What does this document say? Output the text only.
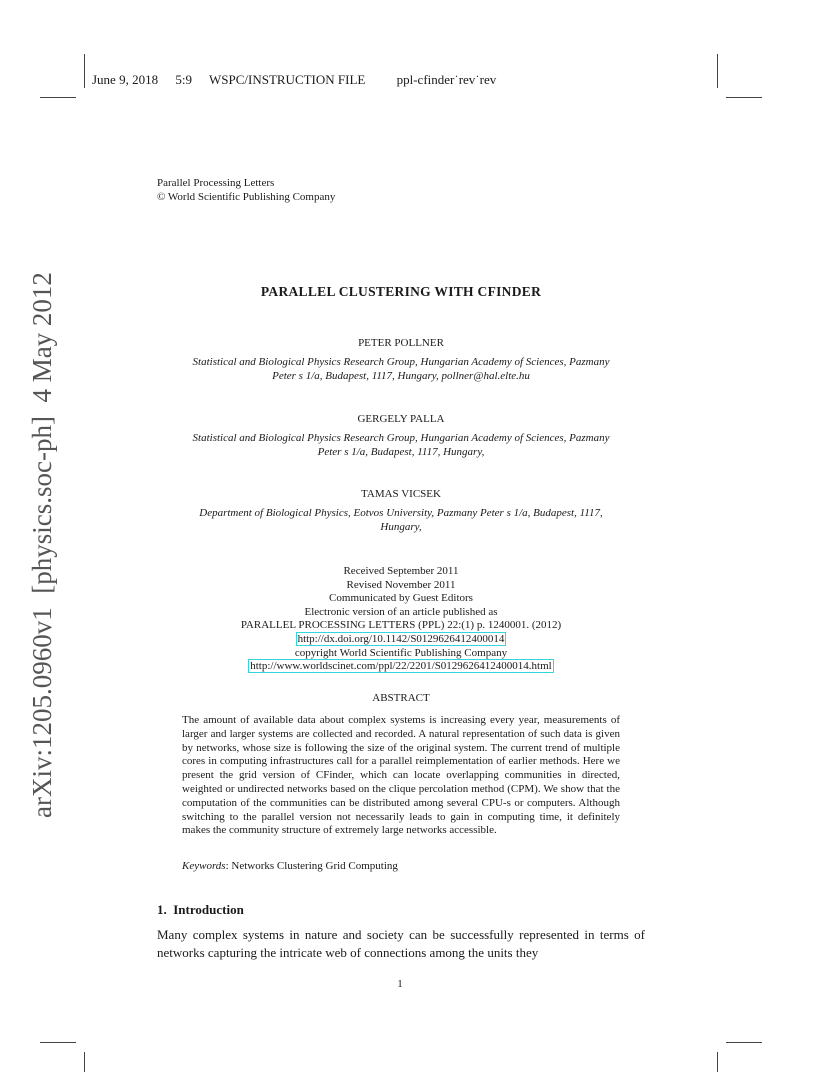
June 9, 2018 5:9 WSPC/INSTRUCTION FILE ppl-cfinder˙rev˙rev
Parallel Processing Letters
© World Scientific Publishing Company
arXiv:1205.0960v1  [physics.soc-ph]  4 May 2012	PARALLEL CLUSTERING WITH CFINDER
PETER POLLNER
Statistical and Biological Physics Research Group, Hungarian Academy of Sciences, Pazmany
Peter s 1/a, Budapest, 1117, Hungary, pollner@hal.elte.hu
GERGELY PALLA
Statistical and Biological Physics Research Group, Hungarian Academy of Sciences, Pazmany
Peter s 1/a, Budapest, 1117, Hungary,
TAMAS VICSEK
Department of Biological Physics, Eotvos University, Pazmany Peter s 1/a, Budapest, 1117,
Hungary,
Received September 2011
Revised November 2011
Communicated by Guest Editors
Electronic version of an article published as
PARALLEL PROCESSING LETTERS (PPL) 22:(1) p. 1240001. (2012)
http://dx.doi.org/10.1142/S0129626412400014
copyright World Scientific Publishing Company
http://www.worldscinet.com/ppl/22/2201/S0129626412400014.html
ABSTRACT
The amount of available data about complex systems is increasing every year, measurements of larger and larger systems are collected and recorded. A natural representation of such data is given by networks, whose size is following the size of the original system. The current trend of multiple cores in computing infrastructures call for a parallel reimplementation of earlier methods. Here we present the grid version of CFinder, which can locate overlapping communities in directed, weighted or undirected networks based on the clique percolation method (CPM). We show that the computation of the communities can be distributed among several CPU-s or computers. Although switching to the parallel version not necessarily leads to gain in computing time, it definitely makes the community structure of extremely large networks accessible.
Keywords: Networks Clustering Grid Computing
1.  Introduction
Many complex systems in nature and society can be successfully represented in terms of networks capturing the intricate web of connections among the units they
1
